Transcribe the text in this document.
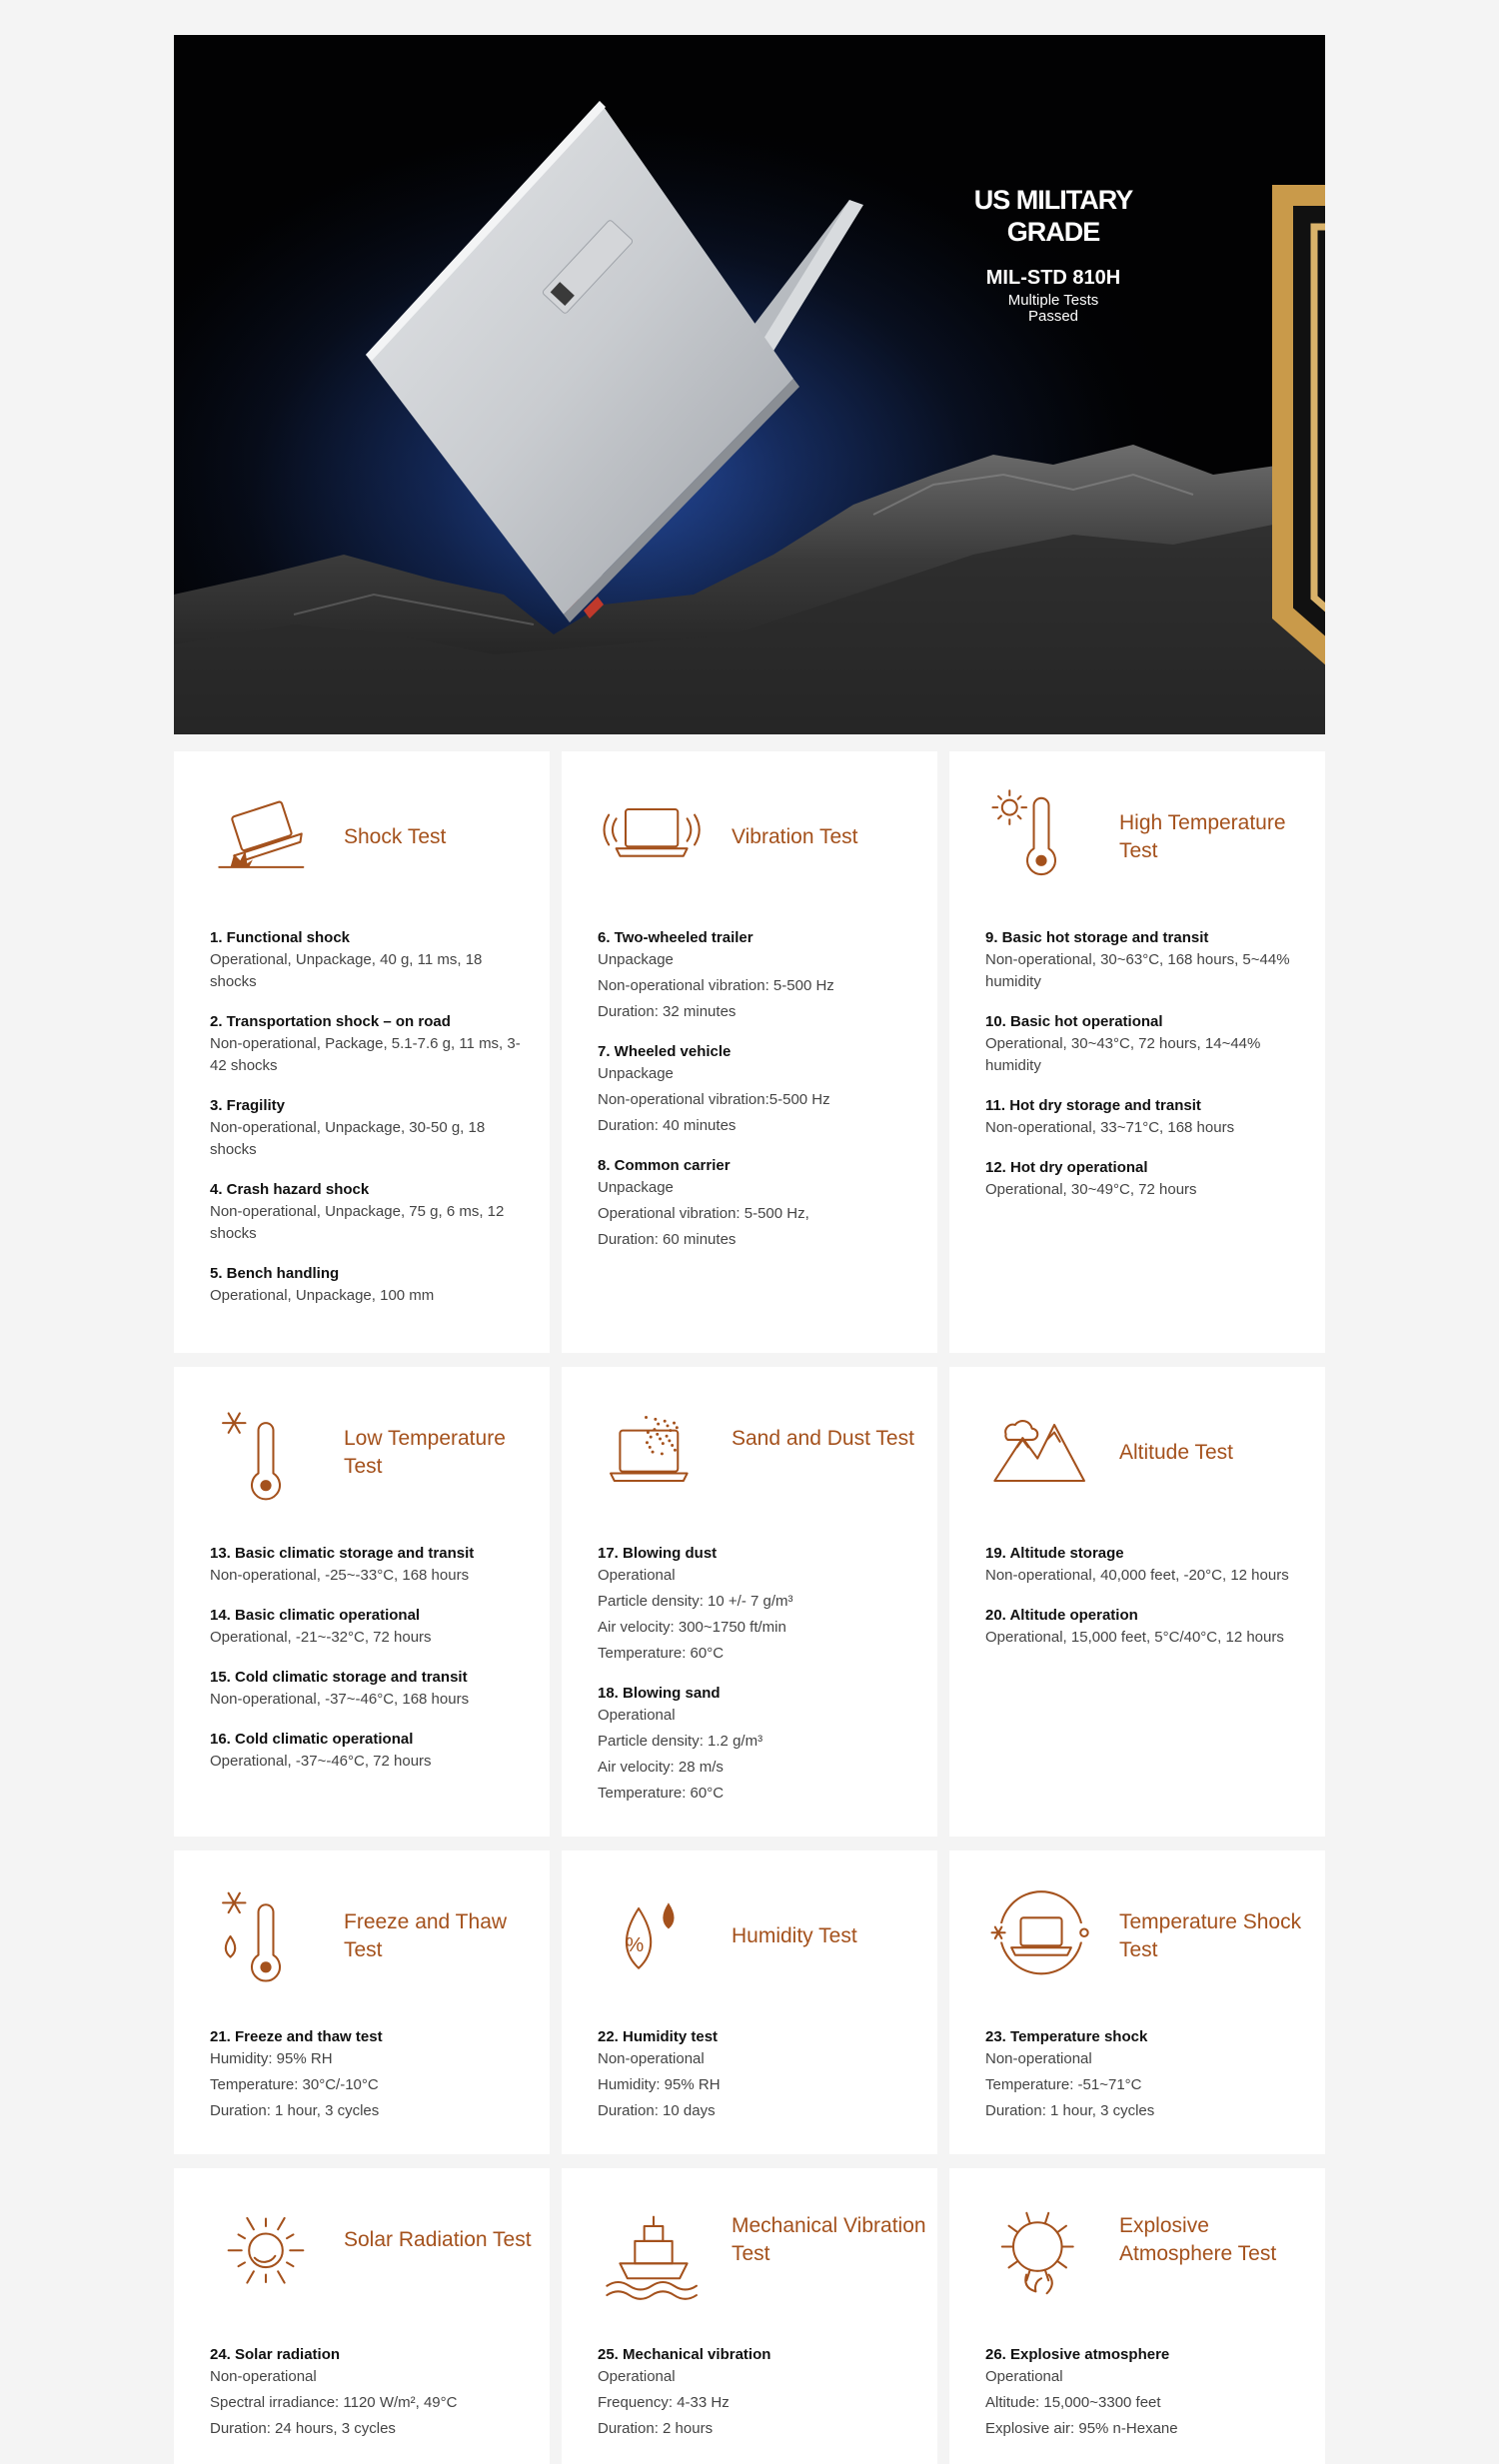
US MILITARY
GRADE
MIL-STD 810H
Multiple Tests
Passed
Shock Test
1. Functional shock
Operational, Unpackage, 40 g, 11 ms, 18 shocks
2. Transportation shock – on road
Non-operational, Package, 5.1-7.6 g, 11 ms, 3-42 shocks
3. Fragility
Non-operational, Unpackage, 30-50 g, 18 shocks
4. Crash hazard shock
Non-operational, Unpackage, 75 g, 6 ms, 12 shocks
5. Bench handling
Operational, Unpackage, 100 mm
Vibration Test
6. Two-wheeled trailer
Unpackage
Non-operational vibration: 5-500 Hz
Duration: 32 minutes
7. Wheeled vehicle
Unpackage
Non-operational vibration:5-500 Hz
Duration: 40 minutes
8. Common carrier
Unpackage
Operational vibration: 5-500 Hz,
Duration: 60 minutes
High Temperature Test
9. Basic hot storage and transit
Non-operational, 30~63°C, 168 hours, 5~44% humidity
10. Basic hot operational
Operational, 30~43°C, 72 hours, 14~44% humidity
11. Hot dry storage and transit
Non-operational, 33~71°C, 168 hours
12. Hot dry operational
Operational, 30~49°C, 72 hours
Low Temperature Test
13. Basic climatic storage and transit
Non-operational, -25~-33°C, 168 hours
14. Basic climatic operational
Operational, -21~-32°C, 72 hours
15. Cold climatic storage and transit
Non-operational, -37~-46°C, 168 hours
16. Cold climatic operational
Operational, -37~-46°C, 72 hours
Sand and Dust Test
17. Blowing dust
Operational
Particle density: 10 +/- 7 g/m³
Air velocity: 300~1750 ft/min
Temperature: 60°C
18. Blowing sand
Operational
Particle density: 1.2 g/m³
Air velocity: 28 m/s
Temperature: 60°C
Altitude Test
19. Altitude storage
Non-operational, 40,000 feet, -20°C, 12 hours
20. Altitude operation
Operational, 15,000 feet, 5°C/40°C, 12 hours
Freeze and Thaw Test
21. Freeze and thaw test
Humidity: 95% RH
Temperature: 30°C/-10°C
Duration: 1 hour, 3 cycles
%	Humidity Test
22. Humidity test
Non-operational
Humidity: 95% RH
Duration: 10 days
Temperature Shock Test
23. Temperature shock
Non-operational
Temperature: -51~71°C
Duration: 1 hour, 3 cycles
Solar Radiation Test
24. Solar radiation
Non-operational
Spectral irradiance: 1120 W/m², 49°C
Duration: 24 hours, 3 cycles
Mechanical Vibration Test
25. Mechanical vibration
Operational
Frequency: 4-33 Hz
Duration: 2 hours
Explosive Atmosphere Test
26. Explosive atmosphere
Operational
Altitude: 15,000~3300 feet
Explosive air: 95% n-Hexane
